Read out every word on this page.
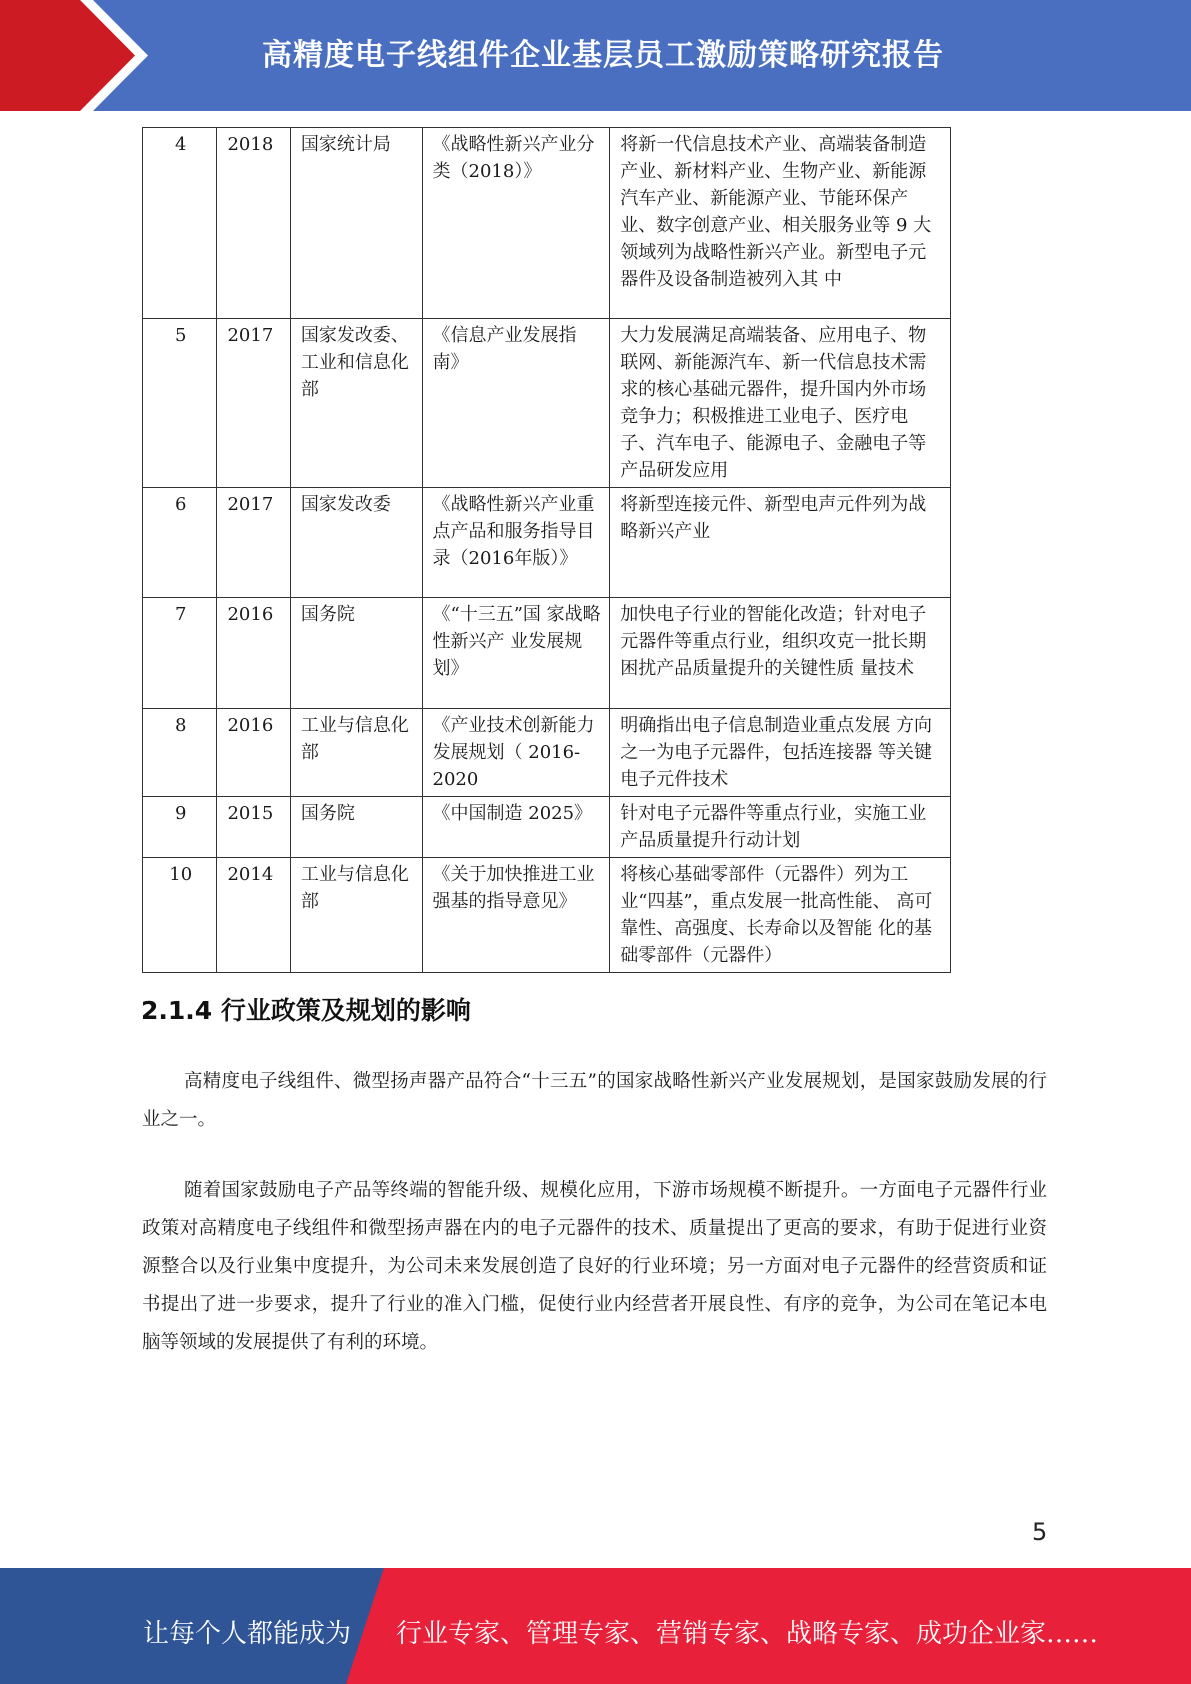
高精度电子线组件企业基层员工激励策略研究报告
4	2018	国家统计局	《战略性新兴产业分类（2018）》	将新一代信息技术产业、高端装备制造产业、新材料产业、生物产业、新能源汽车产业、新能源产业、节能环保产业、数字创意产业、相关服务业等 9 大领域列为战略性新兴产业。新型电子元器件及设备制造被列入其 中
5	2017	国家发改委、工业和信息化部	《信息产业发展指南》	大力发展满足高端装备、应用电子、物联网、新能源汽车、新一代信息技术需求的核心基础元器件，提升国内外市场竞争力；积极推进工业电子、医疗电子、汽车电子、能源电子、金融电子等产品研发应用
6	2017	国家发改委	《战略性新兴产业重点产品和服务指导目录（2016年版）》	将新型连接元件、新型电声元件列为战略新兴产业
7	2016	国务院	《“十三五”国 家战略性新兴产 业发展规划》	加快电子行业的智能化改造；针对电子元器件等重点行业，组织攻克一批长期困扰产品质量提升的关键性质 量技术
8	2016	工业与信息化部	《产业技术创新能力发展规划（ 2016-2020	明确指出电子信息制造业重点发展 方向之一为电子元器件，包括连接器 等关键电子元件技术
9	2015	国务院	《中国制造 2025》	针对电子元器件等重点行业，实施工业产品质量提升行动计划
10	2014	工业与信息化部	《关于加快推进工业强基的指导意见》	将核心基础零部件（元器件）列为工业“四基”，重点发展一批高性能、 高可靠性、高强度、长寿命以及智能 化的基础零部件（元器件）
2.1.4 行业政策及规划的影响

高精度电子线组件、微型扬声器产品符合“十三五”的国家战略性新兴产业发展规划，是国家鼓励发展的行业之一。

随着国家鼓励电子产品等终端的智能升级、规模化应用，下游市场规模不断提升。一方面电子元器件行业政策对高精度电子线组件和微型扬声器在内的电子元器件的技术、质量提出了更高的要求，有助于促进行业资源整合以及行业集中度提升，为公司未来发展创造了良好的行业环境；另一方面对电子元器件的经营资质和证书提出了进一步要求，提升了行业的准入门槛，促使行业内经营者开展良性、有序的竞争，为公司在笔记本电脑等领域的发展提供了有利的环境。

5
让每个人都能成为 行业专家、管理专家、营销专家、战略专家、成功企业家……
